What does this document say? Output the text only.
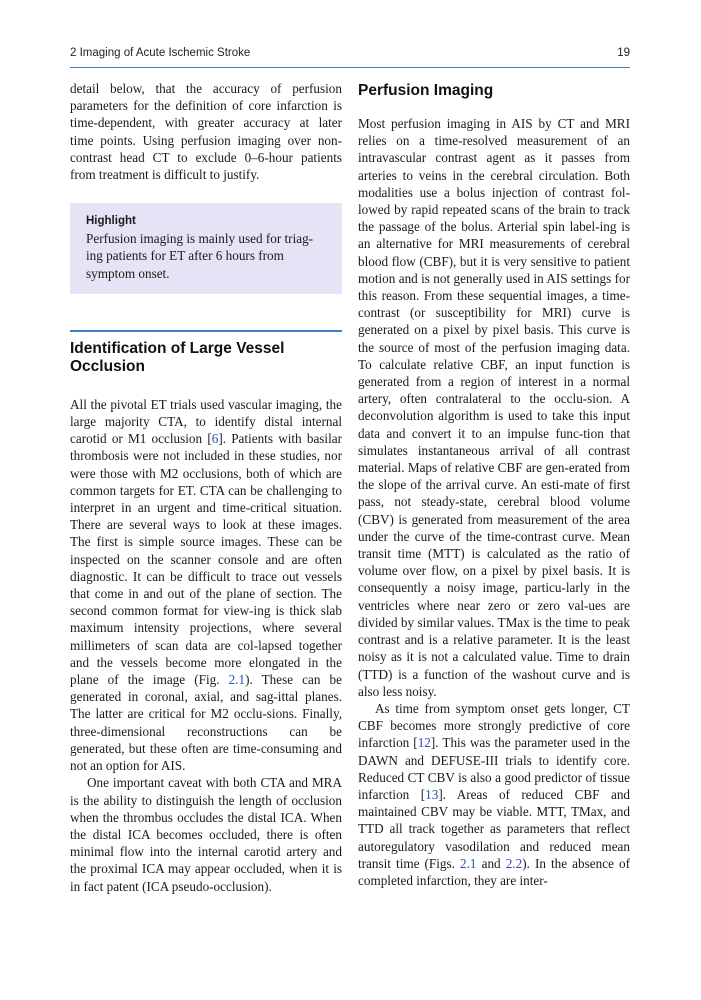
2 Imaging of Acute Ischemic Stroke	19

detail below, that the accuracy of perfusion
parameters for the definition of core infarction is
time-dependent, with greater accuracy at later
time points. Using perfusion imaging over non-
contrast head CT to exclude 0–6-hour patients
from treatment is difficult to justify.

Highlight

Perfusion imaging is mainly used for triag-
ing patients for ET after 6 hours from
symptom onset.

Identification of Large Vessel
Occlusion

All the pivotal ET trials used vascular imaging, the large majority CTA, to identify distal internal carotid or M1 occlusion [6]. Patients with basilar thrombosis were not included in these studies, nor were those with M2 occlusions, both of which are common targets for ET. CTA can be challenging to interpret in an urgent and time-critical situation. There are several ways to look at these images. The first is simple source images. These can be inspected on the scanner console and are often diagnostic. It can be difficult to trace out vessels that come in and out of the plane of section. The second common format for view-ing is thick slab maximum intensity projections, where several millimeters of scan data are col-lapsed together and the vessels become more elongated in the plane of the image (Fig. 2.1). These can be generated in coronal, axial, and sag-ittal planes. The latter are critical for M2 occlu-sions. Finally, three-dimensional reconstructions can be generated, but these often are time-consuming and not an option for AIS.

One important caveat with both CTA and MRA is the ability to distinguish the length of occlusion when the thrombus occludes the distal ICA. When the distal ICA becomes occluded, there is often minimal flow into the internal carotid artery and the proximal ICA may appear occluded, when it is in fact patent (ICA pseudo-occlusion).

Perfusion Imaging

Most perfusion imaging in AIS by CT and MRI relies on a time-resolved measurement of an intravascular contrast agent as it passes from arteries to veins in the cerebral circulation. Both modalities use a bolus injection of contrast fol-lowed by rapid repeated scans of the brain to track the passage of the bolus. Arterial spin label-ing is an alternative for MRI measurements of cerebral blood flow (CBF), but it is very sensitive to patient motion and is not generally used in AIS settings for this reason. From these sequential images, a time-contrast (or susceptibility for MRI) curve is generated on a pixel by pixel basis. This curve is the source of most of the perfusion imaging data. To calculate relative CBF, an input function is generated from a region of interest in a normal artery, often contralateral to the occlu-sion. A deconvolution algorithm is used to take this input data and convert it to an impulse func-tion that simulates instantaneous arrival of all contrast material. Maps of relative CBF are gen-erated from the slope of the arrival curve. An esti-mate of first pass, not steady-state, cerebral blood volume (CBV) is generated from measurement of the area under the curve of the time-contrast curve. Mean transit time (MTT) is calculated as the ratio of volume over flow, on a pixel by pixel basis. It is consequently a noisy image, particu-larly in the ventricles where near zero or zero val-ues are divided by similar values. TMax is the time to peak contrast and is a relative parameter. It is the least noisy as it is not a calculated value. Time to drain (TTD) is a function of the washout curve and is also less noisy.

As time from symptom onset gets longer, CT CBF becomes more strongly predictive of core infarction [12]. This was the parameter used in the DAWN and DEFUSE-III trials to identify core. Reduced CT CBV is also a good predictor of tissue infarction [13]. Areas of reduced CBF and maintained CBV may be viable. MTT, TMax, and TTD all track together as parameters that reflect autoregulatory vasodilation and reduced mean transit time (Figs. 2.1 and 2.2). In the absence of completed infarction, they are inter-
